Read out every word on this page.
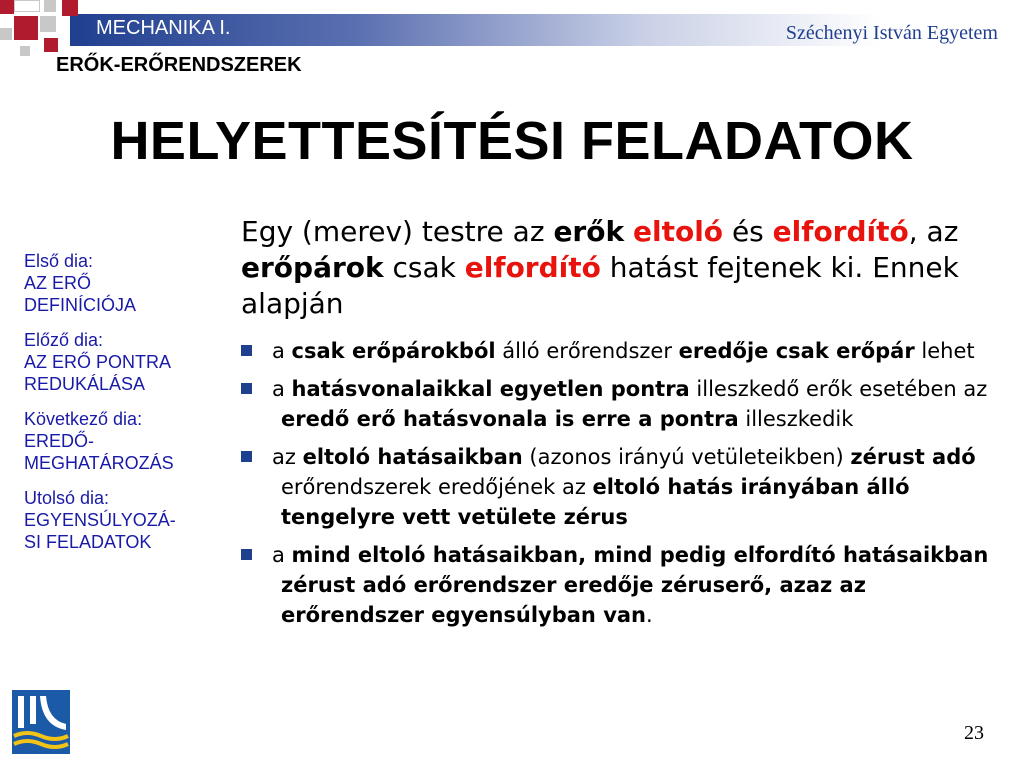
MECHANIKA I.	Széchenyi István Egyetem
ERŐK-ERŐRENDSZEREK
HELYETTESÍTÉSI FELADATOK
Első dia:
AZ ERŐ
DEFINÍCIÓJA
Előző dia:
AZ ERŐ PONTRA
REDUKÁLÁSA
Következő dia:
EREDŐ-
MEGHATÁROZÁS
Utolsó dia:
EGYENSÚLYOZÁ-
SI FELADATOK

Egy (merev) testre az erők eltoló és elfordító, az erőpárok csak elfordító hatást fejtenek ki. Ennek alapján

a csak erőpárokból álló erőrendszer eredője csak erőpár lehet
a hatásvonalaikkal egyetlen pontra illeszkedő erők esetében az eredő erő hatásvonala is erre a pontra illeszkedik
az eltoló hatásaikban (azonos irányú vetületeikben) zérust adó erőrendszerek eredőjének az eltoló hatás irányában álló tengelyre vett vetülete zérus
a mind eltoló hatásaikban, mind pedig elfordító hatásaikban zérust adó erőrendszer eredője zéruserő, azaz az erőrendszer egyensúlyban van.
23
